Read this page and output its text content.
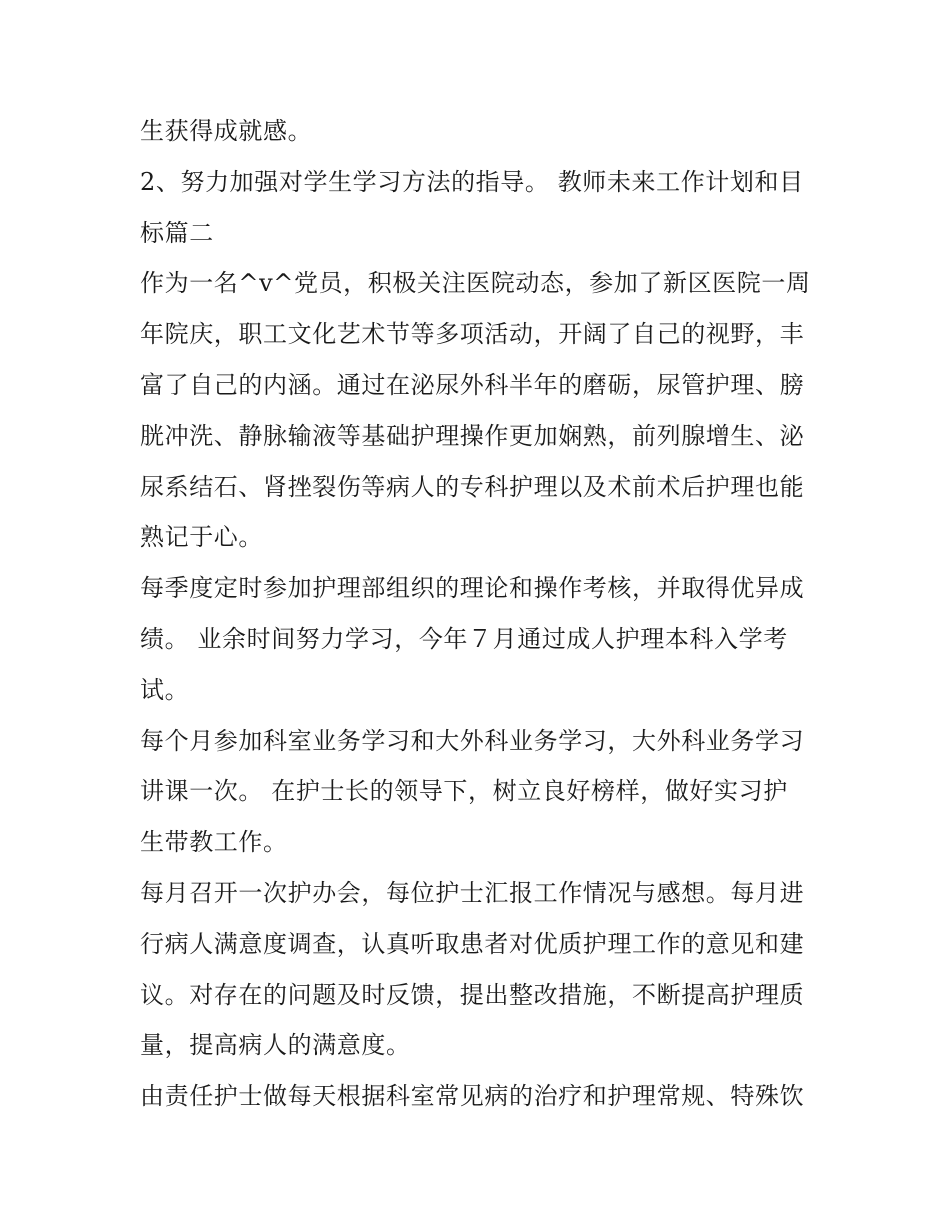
生获得成就感。
2、努力加强对学生学习方法的指导。 教师未来工作计划和目
标篇二
作为一名^v^党员，积极关注医院动态，参加了新区医院一周
年院庆，职工文化艺术节等多项活动，开阔了自己的视野，丰
富了自己的内涵。通过在泌尿外科半年的磨砺，尿管护理、膀
胱冲洗、静脉输液等基础护理操作更加娴熟，前列腺增生、泌
尿系结石、肾挫裂伤等病人的专科护理以及术前术后护理也能
熟记于心。
每季度定时参加护理部组织的理论和操作考核，并取得优异成
绩。 业余时间努力学习，今年７月通过成人护理本科入学考
试。
每个月参加科室业务学习和大外科业务学习，大外科业务学习
讲课一次。 在护士长的领导下，树立良好榜样，做好实习护
生带教工作。
每月召开一次护办会，每位护士汇报工作情况与感想。每月进
行病人满意度调查，认真听取患者对优质护理工作的意见和建
议。对存在的问题及时反馈，提出整改措施，不断提高护理质
量，提高病人的满意度。
由责任护士做每天根据科室常见病的治疗和护理常规、特殊饮
